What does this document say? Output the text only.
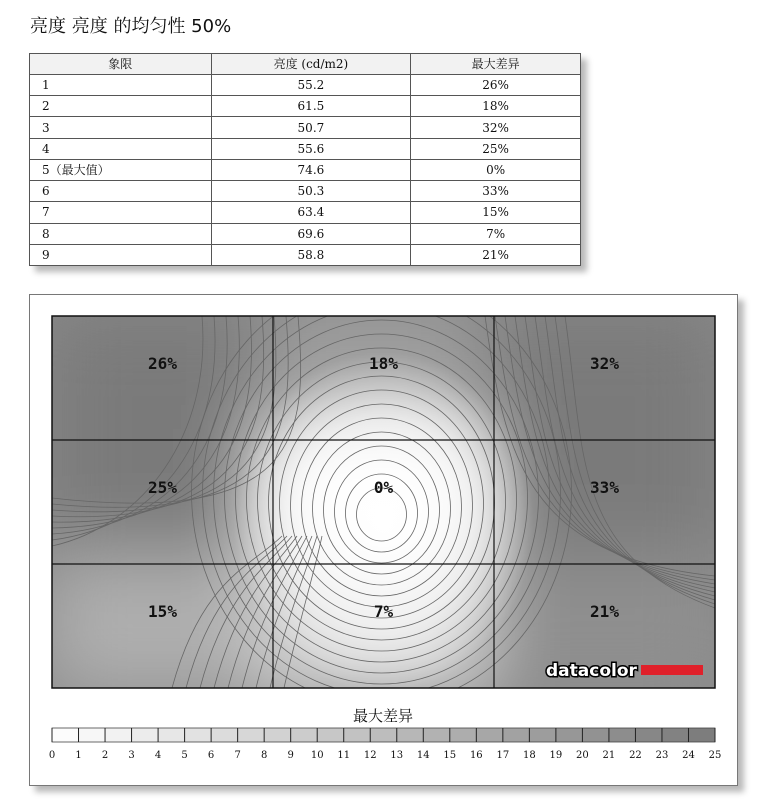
亮度 亮度 的均匀性 50%
象限	亮度 (cd/m2)	最大差异
1	55.2	26%
2	61.5	18%
3	50.7	32%
4	55.6	25%
5（最大值）	74.6	0%
6	50.3	33%
7	63.4	15%
8	69.6	7%
9	58.8	21%
26%	18%	32%
25%	0%	33%
15%	7%	21%
datacolor
最大差异
0 1 2 3 4 5 6 7 8 9 10 11 12 13 14 15 16 17 18 19 20 21 22 23 24 25
